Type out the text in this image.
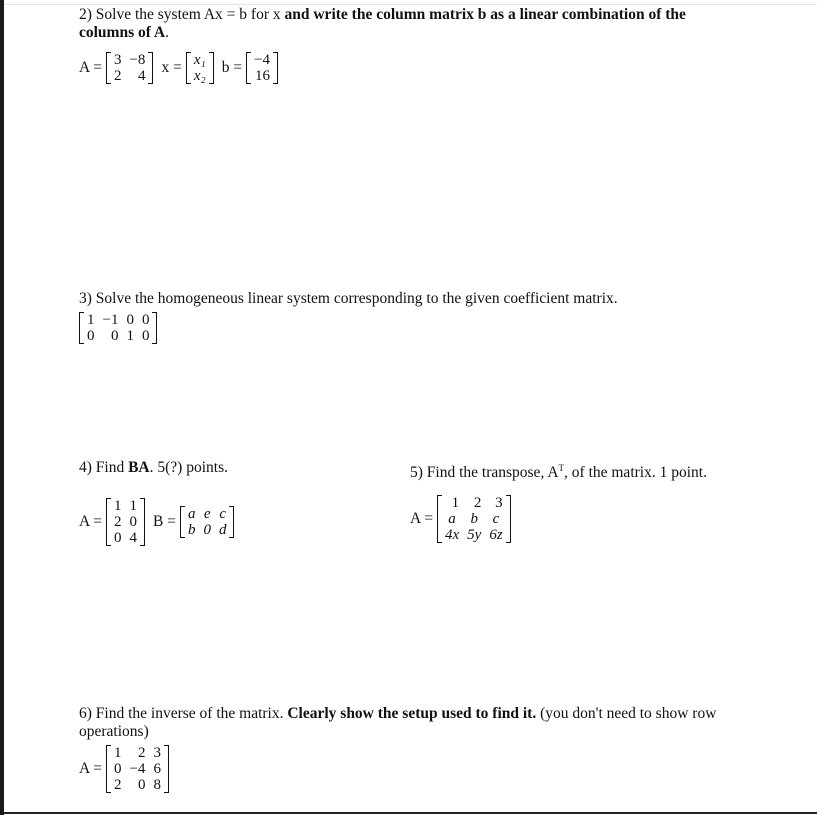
2) Solve the system Ax = b for x and write the column matrix b as a linear combination of the
columns of A.
A = 3	−8
2	4 x = x₁
x₂ b = −4
16
3) Solve the homogeneous linear system corresponding to the given coefficient matrix.
1	−1	0	0
0	0	1	0
4) Find BA. 5(?) points.
A =
1	1
2	0
0	4
B = a	e	c
b	0	d
5) Find the transpose, $A^T$, of the matrix. 1 point.
A =
1	2	3
a	b	c
4x	5y	6z
6) Find the inverse of the matrix. Clearly show the setup used to find it. (you don't need to show row
operations)
A =
1	2	3
0	−4	6
2	0	8
